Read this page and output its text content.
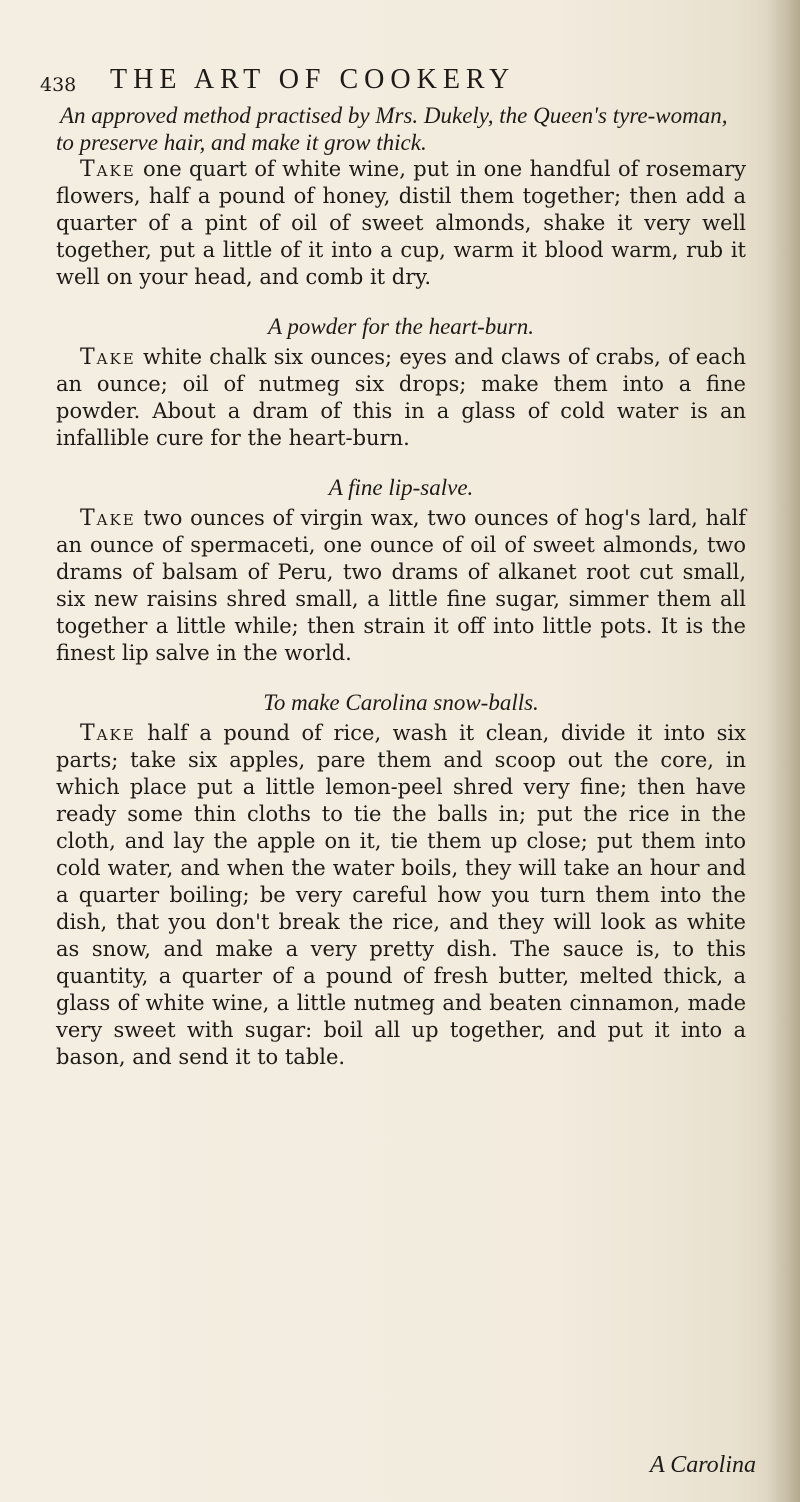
438 THE ART OF COOKERY

An approved method practised by Mrs. Dukely, the Queen's tyre-woman, to preserve hair, and make it grow thick.

Take one quart of white wine, put in one handful of rosemary flowers, half a pound of honey, distil them together; then add a quarter of a pint of oil of sweet almonds, shake it very well together, put a little of it into a cup, warm it blood warm, rub it well on your head, and comb it dry.

A powder for the heart-burn.

Take white chalk six ounces; eyes and claws of crabs, of each an ounce; oil of nutmeg six drops; make them into a fine powder. About a dram of this in a glass of cold water is an infallible cure for the heart-burn.

A fine lip-salve.

Take two ounces of virgin wax, two ounces of hog's lard, half an ounce of spermaceti, one ounce of oil of sweet almonds, two drams of balsam of Peru, two drams of alkanet root cut small, six new raisins shred small, a little fine sugar, simmer them all together a little while; then strain it off into little pots. It is the finest lip salve in the world.

To make Carolina snow-balls.

Take half a pound of rice, wash it clean, divide it into six parts; take six apples, pare them and scoop out the core, in which place put a little lemon-peel shred very fine; then have ready some thin cloths to tie the balls in; put the rice in the cloth, and lay the apple on it, tie them up close; put them into cold water, and when the water boils, they will take an hour and a quarter boiling; be very careful how you turn them into the dish, that you don't break the rice, and they will look as white as snow, and make a very pretty dish. The sauce is, to this quantity, a quarter of a pound of fresh butter, melted thick, a glass of white wine, a little nutmeg and beaten cinnamon, made very sweet with sugar: boil all up together, and put it into a bason, and send it to table.

A Carolina
